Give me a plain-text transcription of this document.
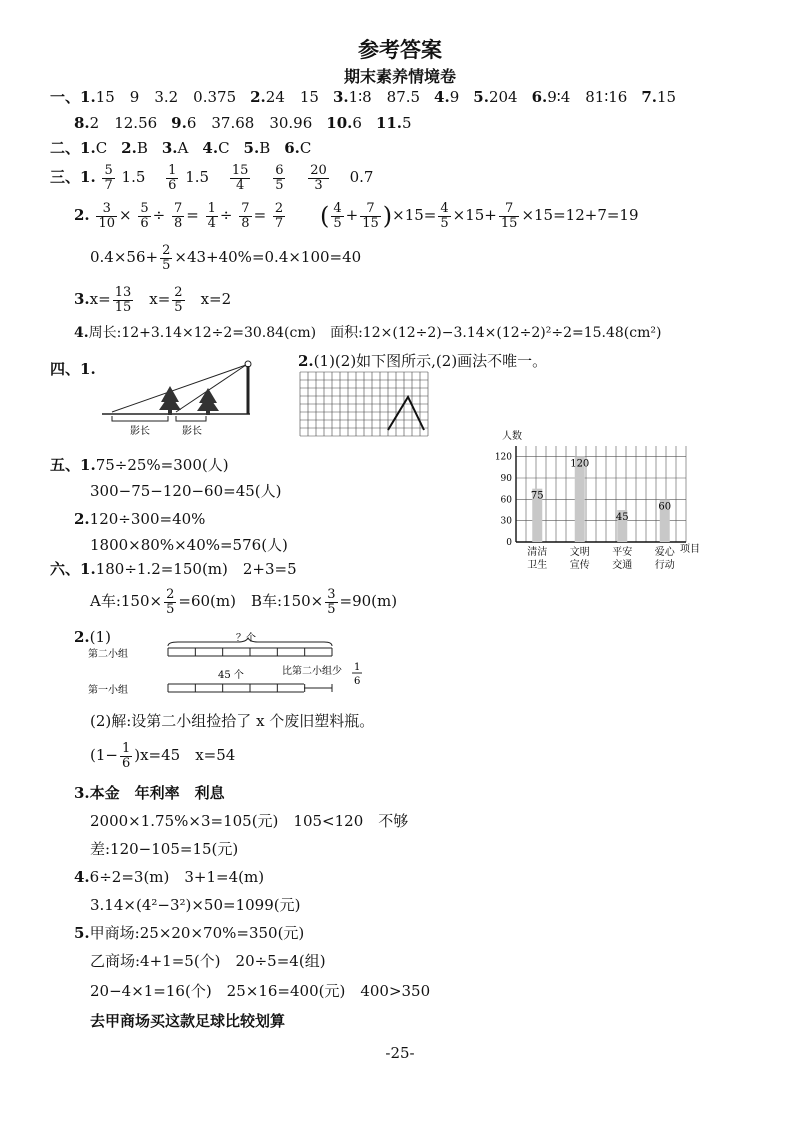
参考答案
期末素养情境卷
一、1.15　9　3.2　0.375 2.24　15 3.1∶8　87.5 4.9 5.204 6.9∶4　81∶16 7.15
8.2　12.56 9.6　37.68　30.96 10.6 11.5
二、1.C 2.B 3.A 4.C 5.B 6.C
三、1. $\frac{5}{7} 1.5 \frac{1}{6} 1.5 \frac{15}{4}$
$\frac{6}{5}$
$\frac{20}{3} 0.7$
2. $\frac{3}{10} \times \frac{5}{6} \div \frac{7}{8} = \frac{1}{4} \div \frac{7}{8} = \frac{2}{7}$ ( $\frac{4}{5} + \frac{7}{15} )\times 15= \frac{4}{5} \times 15+ \frac{7}{15} \times 15=12+7=19$
$0.4\times 56+ \frac{2}{5} \times 43+40\%=0.4\times 100=40$
$3.x= \frac{13}{15} x= \frac{2}{5} x=2$
4.周长:12+3.14×12÷2=30.84(cm)　面积:12×(12÷2)−3.14×(12÷2)²÷2=15.48(cm²)
四、1.
影长	影长
2.(1)(2)如下图所示,(2)画法不唯一。
75
120
45
60
0
30
60
90
120
清洁
卫生
文明
宣传
平安
交通
爱心
行动
人数
项目
五、1.75÷25%=300(人)
300−75−120−60=45(人)
2.120÷300=40%
1800×80%×40%=576(人)
六、1.180÷1.2=150(m)　2+3=5
A车:150× $\frac{2}{5} =60(m)$　B车:150× $\frac{3}{5} =90(m)$
2.(1)
第二小组
？个
45 个	比第二小组少 1
6
第一小组
(2)解:设第二小组捡拾了 x 个废旧塑料瓶。
$(1- \frac{1}{6} )x=45$　x=54
3.本金　年利率　利息
2000×1.75%×3=105(元)　105<120　不够
差:120−105=15(元)
4.6÷2=3(m)　3+1=4(m)
3.14×(4²−3²)×50=1099(元)
5.甲商场:25×20×70%=350(元)
乙商场:4+1=5(个)　20÷5=4(组)
20−4×1=16(个)　25×16=400(元)　400>350
去甲商场买这款足球比较划算
-25-
